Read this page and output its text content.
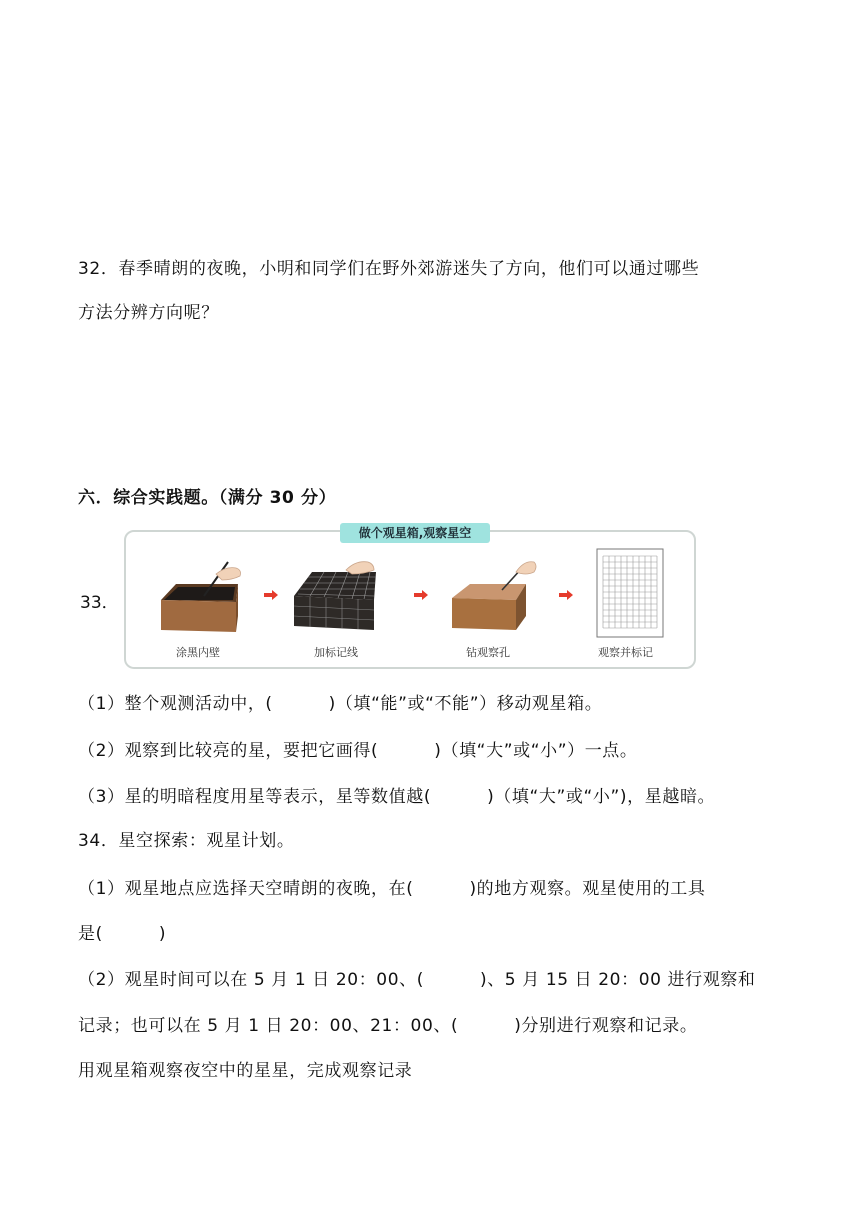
32．春季晴朗的夜晚，小明和同学们在野外郊游迷失了方向，他们可以通过哪些
方法分辨方向呢？
六．综合实践题。（满分 30 分）
33．
做个观星箱,观察星空
涂黑内壁	加标记线	钻观察孔	观察并标记
（1）整个观测活动中，(	)（填“能”或“不能”）移动观星箱。
（2）观察到比较亮的星，要把它画得(	)（填“大”或“小”）一点。
（3）星的明暗程度用星等表示，星等数值越(	)（填“大”或“小”)，星越暗。
34．星空探索：观星计划。
（1）观星地点应选择天空晴朗的夜晚，在(	)的地方观察。观星使用的工具
是(	)
（2）观星时间可以在 5 月 1 日 20：00、(	)、5 月 15 日 20：00 进行观察和
记录；也可以在 5 月 1 日 20：00、21：00、(	)分别进行观察和记录。
用观星箱观察夜空中的星星，完成观察记录
